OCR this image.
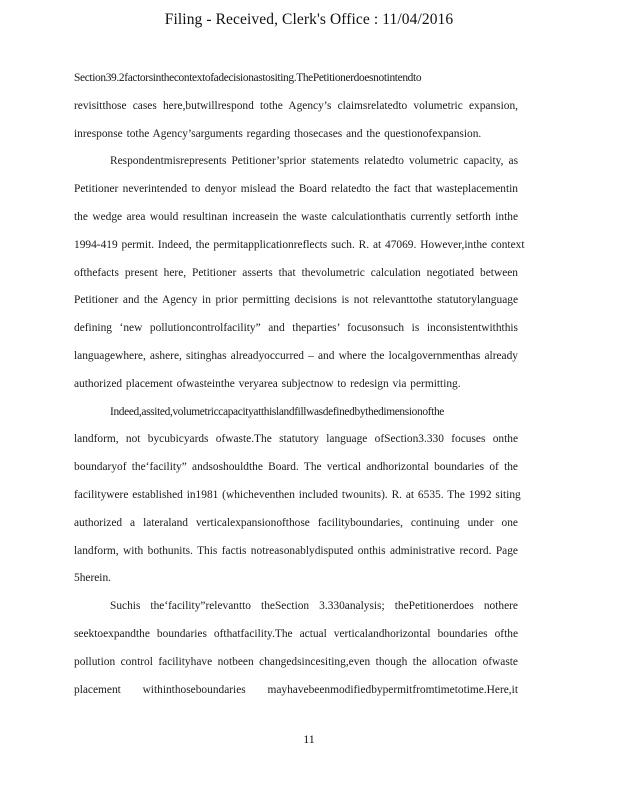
Filing - Received, Clerk's Office : 11/04/2016
Section39.2factorsinthecontextofadecisionastositing.ThePetitionerdoesnotintendto
revisitthose cases here,butwillrespond tothe Agency’s claimsrelatedto volumetric expansion,
inresponse tothe Agency’sarguments regarding thosecases and the questionofexpansion.
Respondentmisrepresents Petitioner’sprior statements relatedto volumetric capacity, as
Petitioner neverintended to denyor mislead the Board relatedto the fact that wasteplacementin
the wedge area would resultinan increasein the waste calculationthatis currently setforth inthe
1994-419 permit. Indeed, the permitapplicationreflects such. R. at 47069. However,inthe context
ofthefacts present here, Petitioner asserts that thevolumetric calculation negotiated between
Petitioner and the Agency in prior permitting decisions is not relevanttothe statutorylanguage
defining ‘new pollutioncontrolfacility” and theparties’ focusonsuch is inconsistentwiththis
languagewhere, ashere, sitinghas alreadyoccurred – and where the localgovernmenthas already
authorized placement ofwasteinthe veryarea subjectnow to redesign via permitting.
Indeed,assited,volumetriccapacityatthislandfillwasdefinedbythedimensionofthe
landform, not bycubicyards ofwaste.The statutory language ofSection3.330 focuses onthe
boundaryof the‘facility” andsoshouldthe Board. The vertical andhorizontal boundaries of the
facilitywere established in1981 (whicheventhen included twounits). R. at 6535. The 1992 siting
authorized a lateraland verticalexpansionofthose facilityboundaries, continuing under one
landform, with bothunits. This factis notreasonablydisputed onthis administrative record. Page
5herein.
Suchis the‘facility”relevantto theSection 3.330analysis; thePetitionerdoes nothere
seektoexpandthe boundaries ofthatfacility.The actual verticalandhorizontal boundaries ofthe
pollution control facilityhave notbeen changedsincesiting,even though the allocation ofwaste
placement withinthoseboundaries mayhavebeenmodifiedbypermitfromtimetotime.Here,it
11
